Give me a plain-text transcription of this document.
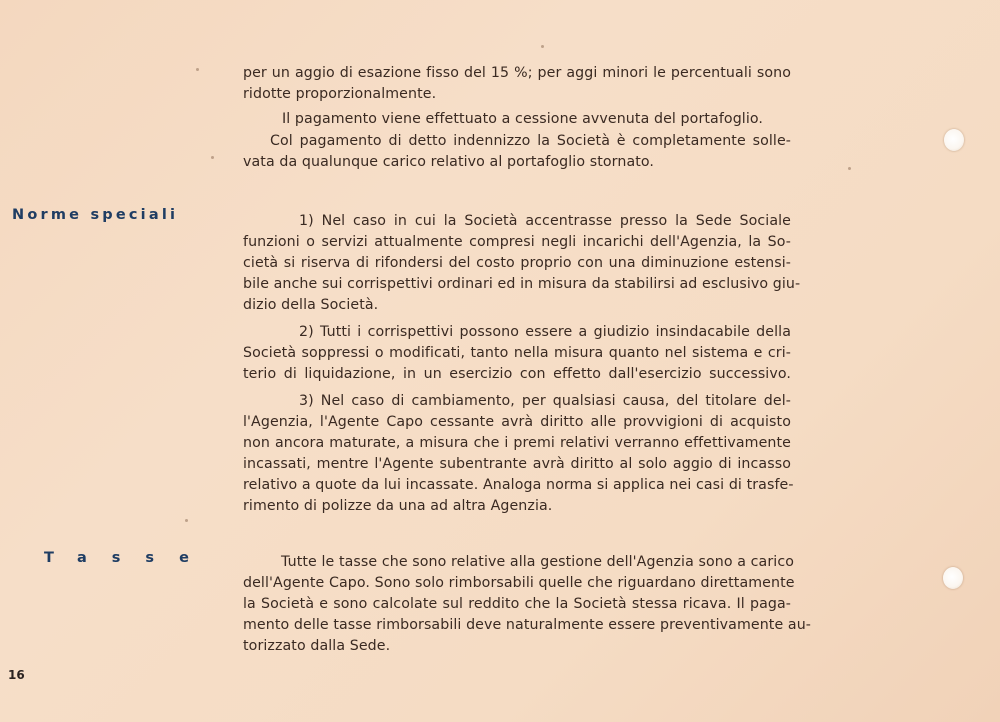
per un aggio di esazione fisso del 15 %; per aggi minori le percentuali sono
ridotte proporzionalmente.
Il pagamento viene effettuato a cessione avvenuta del portafoglio.
Col pagamento di detto indennizzo la Società è completamente solle-
vata da qualunque carico relativo al portafoglio stornato.
Norme speciali	1) Nel caso in cui la Società accentrasse presso la Sede Sociale
funzioni o servizi attualmente compresi negli incarichi dell'Agenzia, la So-
cietà si riserva di rifondersi del costo proprio con una diminuzione estensi-
bile anche sui corrispettivi ordinari ed in misura da stabilirsi ad esclusivo giu-
dizio della Società.
2) Tutti i corrispettivi possono essere a giudizio insindacabile della
Società soppressi o modificati, tanto nella misura quanto nel sistema e cri-
terio di liquidazione, in un esercizio con effetto dall'esercizio successivo.
3) Nel caso di cambiamento, per qualsiasi causa, del titolare del-
l'Agenzia, l'Agente Capo cessante avrà diritto alle provvigioni di acquisto
non ancora maturate, a misura che i premi relativi verranno effettivamente
incassati, mentre l'Agente subentrante avrà diritto al solo aggio di incasso
relativo a quote da lui incassate. Analoga norma si applica nei casi di trasfe-
rimento di polizze da una ad altra Agenzia.
Tasse	Tutte le tasse che sono relative alla gestione dell'Agenzia sono a carico
dell'Agente Capo. Sono solo rimborsabili quelle che riguardano direttamente
la Società e sono calcolate sul reddito che la Società stessa ricava. Il paga-
mento delle tasse rimborsabili deve naturalmente essere preventivamente au-
torizzato dalla Sede.
16
